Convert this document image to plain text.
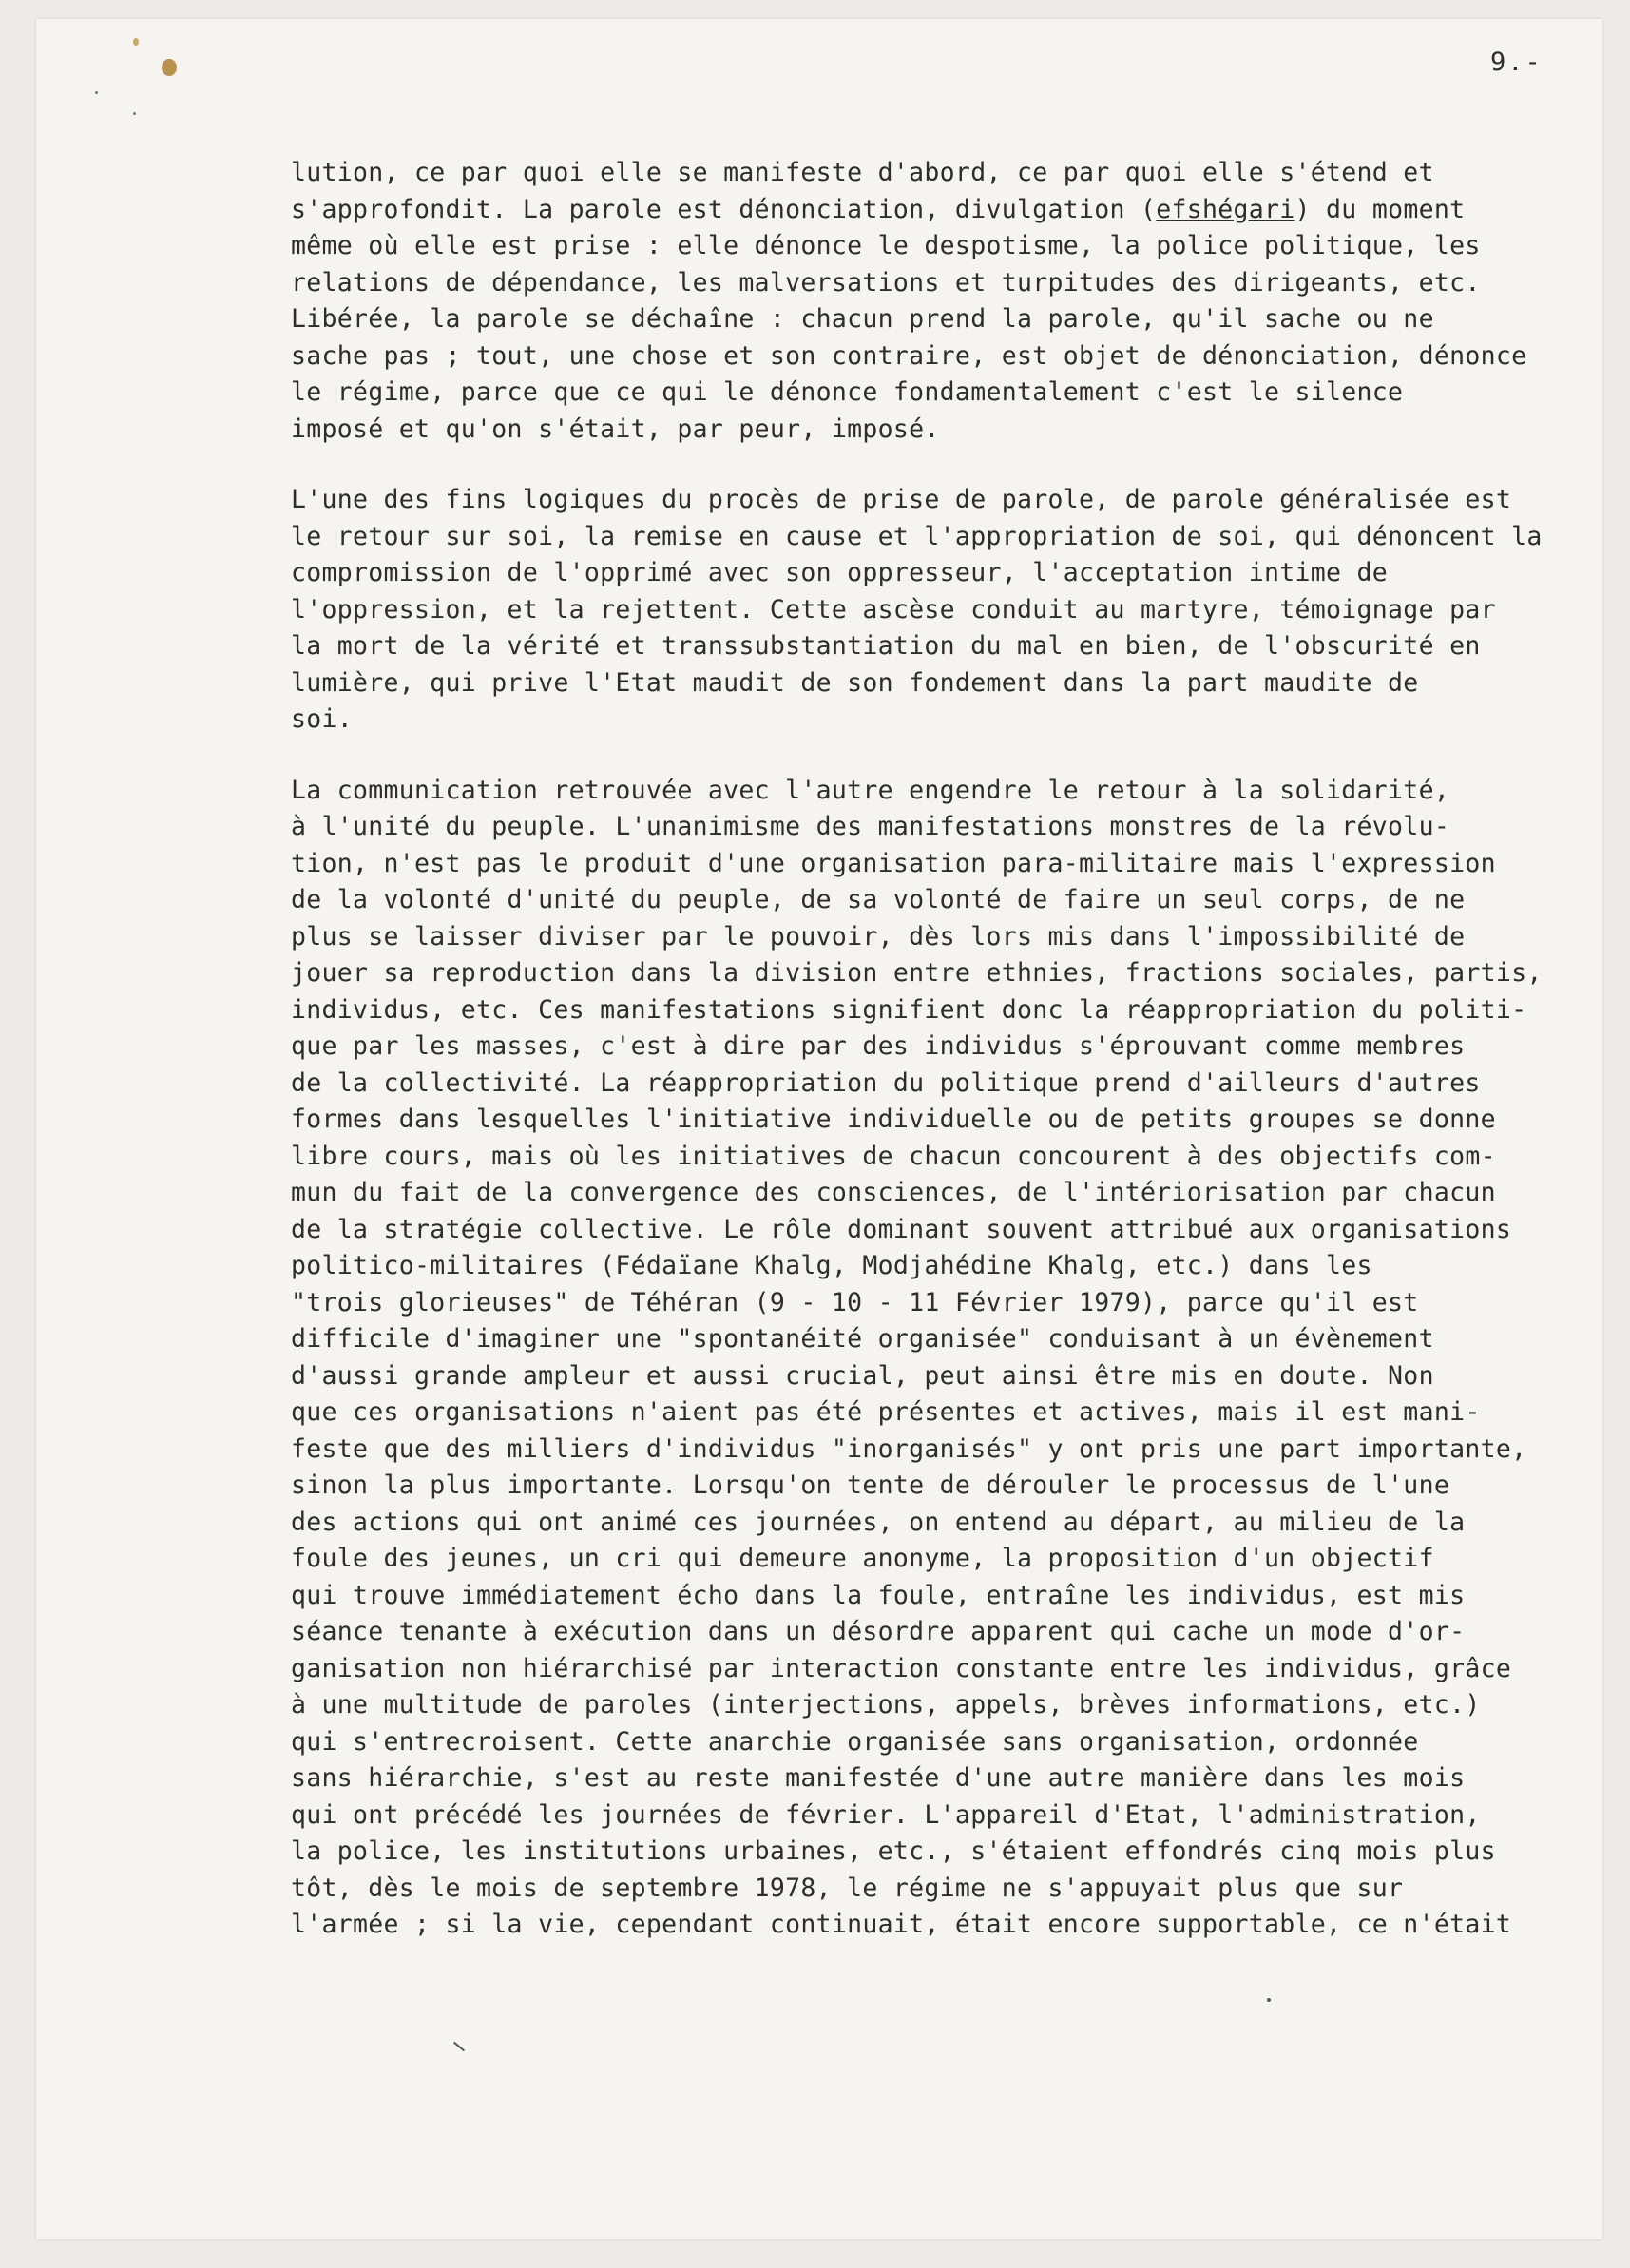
9.-
lution, ce par quoi elle se manifeste d'abord, ce par quoi elle s'étend et
s'approfondit. La parole est dénonciation, divulgation (efshégari) du moment
même où elle est prise : elle dénonce le despotisme, la police politique, les
relations de dépendance, les malversations et turpitudes des dirigeants, etc.
Libérée, la parole se déchaîne : chacun prend la parole, qu'il sache ou ne
sache pas ; tout, une chose et son contraire, est objet de dénonciation, dénonce
le régime, parce que ce qui le dénonce fondamentalement c'est le silence
imposé et qu'on s'était, par peur, imposé.
L'une des fins logiques du procès de prise de parole, de parole généralisée est
le retour sur soi, la remise en cause et l'appropriation de soi, qui dénoncent la
compromission de l'opprimé avec son oppresseur, l'acceptation intime de
l'oppression, et la rejettent. Cette ascèse conduit au martyre, témoignage par
la mort de la vérité et transsubstantiation du mal en bien, de l'obscurité en
lumière, qui prive l'Etat maudit de son fondement dans la part maudite de
soi.
La communication retrouvée avec l'autre engendre le retour à la solidarité,
à l'unité du peuple. L'unanimisme des manifestations monstres de la révolu-
tion, n'est pas le produit d'une organisation para-militaire mais l'expression
de la volonté d'unité du peuple, de sa volonté de faire un seul corps, de ne
plus se laisser diviser par le pouvoir, dès lors mis dans l'impossibilité de
jouer sa reproduction dans la division entre ethnies, fractions sociales, partis,
individus, etc. Ces manifestations signifient donc la réappropriation du politi-
que par les masses, c'est à dire par des individus s'éprouvant comme membres
de la collectivité. La réappropriation du politique prend d'ailleurs d'autres
formes dans lesquelles l'initiative individuelle ou de petits groupes se donne
libre cours, mais où les initiatives de chacun concourent à des objectifs com-
mun du fait de la convergence des consciences, de l'intériorisation par chacun
de la stratégie collective. Le rôle dominant souvent attribué aux organisations
politico-militaires (Fédaïane Khalg, Modjahédine Khalg, etc.) dans les
"trois glorieuses" de Téhéran (9 - 10 - 11 Février 1979), parce qu'il est
difficile d'imaginer une "spontanéité organisée" conduisant à un évènement
d'aussi grande ampleur et aussi crucial, peut ainsi être mis en doute. Non
que ces organisations n'aient pas été présentes et actives, mais il est mani-
feste que des milliers d'individus "inorganisés" y ont pris une part importante,
sinon la plus importante. Lorsqu'on tente de dérouler le processus de l'une
des actions qui ont animé ces journées, on entend au départ, au milieu de la
foule des jeunes, un cri qui demeure anonyme, la proposition d'un objectif
qui trouve immédiatement écho dans la foule, entraîne les individus, est mis
séance tenante à exécution dans un désordre apparent qui cache un mode d'or-
ganisation non hiérarchisé par interaction constante entre les individus, grâce
à une multitude de paroles (interjections, appels, brèves informations, etc.)
qui s'entrecroisent. Cette anarchie organisée sans organisation, ordonnée
sans hiérarchie, s'est au reste manifestée d'une autre manière dans les mois
qui ont précédé les journées de février. L'appareil d'Etat, l'administration,
la police, les institutions urbaines, etc., s'étaient effondrés cinq mois plus
tôt, dès le mois de septembre 1978, le régime ne s'appuyait plus que sur
l'armée ; si la vie, cependant continuait, était encore supportable, ce n'était
